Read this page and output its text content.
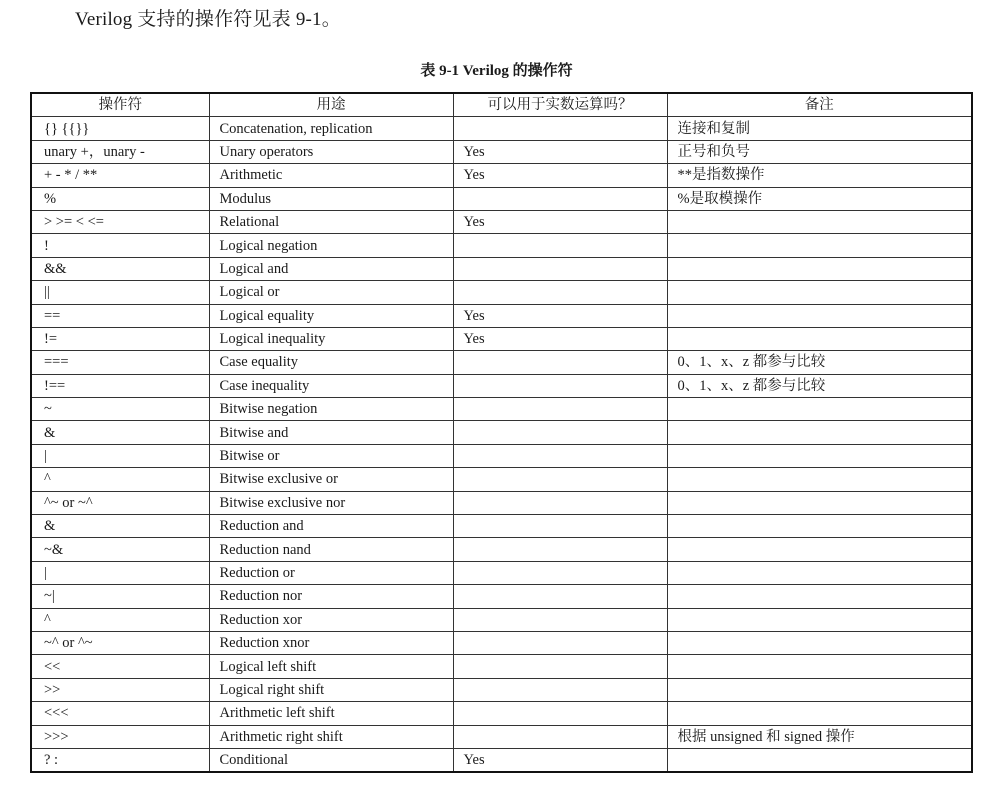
Verilog 支持的操作符见表 9-1。
表 9-1 Verilog 的操作符
操作符	用途	可以用于实数运算吗？	备注
{} {{}}	Concatenation, replication		连接和复制
unary +，unary -	Unary operators	Yes	正号和负号
+ - * / **	Arithmetic	Yes	**是指数操作
%	Modulus		%是取模操作
> >= < <=	Relational	Yes	
!	Logical negation		
&&	Logical and		
||	Logical or		
==	Logical equality	Yes	
!=	Logical inequality	Yes	
===	Case equality		0、1、x、z 都参与比较
!==	Case inequality		0、1、x、z 都参与比较
~	Bitwise negation		
&	Bitwise and		
|	Bitwise or		
^	Bitwise exclusive or		
^~ or ~^	Bitwise exclusive nor		
&	Reduction and		
~&	Reduction nand		
|	Reduction or		
~|	Reduction nor		
^	Reduction xor		
~^ or ^~	Reduction xnor		
<<	Logical left shift		
>>	Logical right shift		
<<<	Arithmetic left shift		
>>>	Arithmetic right shift		根据 unsigned 和 signed 操作
? :	Conditional	Yes	
